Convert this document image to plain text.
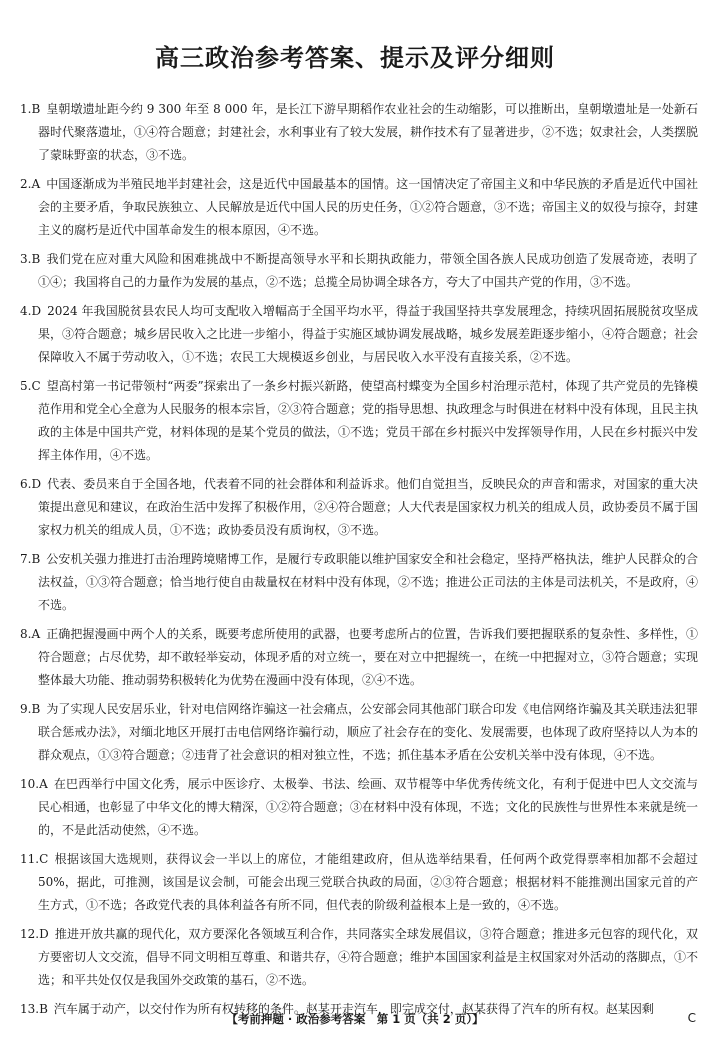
高三政治参考答案、提示及评分细则
1.B 皇朝墩遗址距今约 9 300 年至 8 000 年，是长江下游早期稻作农业社会的生动缩影，可以推断出，皇朝墩遗址是一处新石器时代聚落遗址，①④符合题意；封建社会，水利事业有了较大发展，耕作技术有了显著进步，②不选；奴隶社会，人类摆脱了蒙昧野蛮的状态，③不选。
2.A 中国逐渐成为半殖民地半封建社会，这是近代中国最基本的国情。这一国情决定了帝国主义和中华民族的矛盾是近代中国社会的主要矛盾，争取民族独立、人民解放是近代中国人民的历史任务，①②符合题意，③不选；帝国主义的奴役与掠夺，封建主义的腐朽是近代中国革命发生的根本原因，④不选。
3.B 我们党在应对重大风险和困难挑战中不断提高领导水平和长期执政能力，带领全国各族人民成功创造了发展奇迹，表明了①④；我国将自己的力量作为发展的基点，②不选；总揽全局协调全球各方，夸大了中国共产党的作用，③不选。
4.D 2024 年我国脱贫县农民人均可支配收入增幅高于全国平均水平，得益于我国坚持共享发展理念，持续巩固拓展脱贫攻坚成果，③符合题意；城乡居民收入之比进一步缩小，得益于实施区域协调发展战略，城乡发展差距逐步缩小，④符合题意；社会保障收入不属于劳动收入，①不选；农民工大规模返乡创业，与居民收入水平没有直接关系，②不选。
5.C 望高村第一书记带领村“两委”探索出了一条乡村振兴新路，使望高村蝶变为全国乡村治理示范村，体现了共产党员的先锋模范作用和党全心全意为人民服务的根本宗旨，②③符合题意；党的指导思想、执政理念与时俱进在材料中没有体现，且民主执政的主体是中国共产党，材料体现的是某个党员的做法，①不选；党员干部在乡村振兴中发挥领导作用，人民在乡村振兴中发挥主体作用，④不选。
6.D 代表、委员来自于全国各地，代表着不同的社会群体和利益诉求。他们自觉担当，反映民众的声音和需求，对国家的重大决策提出意见和建议，在政治生活中发挥了积极作用，②④符合题意；人大代表是国家权力机关的组成人员，政协委员不属于国家权力机关的组成人员，①不选；政协委员没有质询权，③不选。
7.B 公安机关强力推进打击治理跨境赌博工作，是履行专政职能以维护国家安全和社会稳定，坚持严格执法，维护人民群众的合法权益，①③符合题意；恰当地行使自由裁量权在材料中没有体现，②不选；推进公正司法的主体是司法机关，不是政府，④不选。
8.A 正确把握漫画中两个人的关系，既要考虑所使用的武器，也要考虑所占的位置，告诉我们要把握联系的复杂性、多样性，①符合题意；占尽优势，却不敢轻举妄动，体现矛盾的对立统一，要在对立中把握统一，在统一中把握对立，③符合题意；实现整体最大功能、推动弱势积极转化为优势在漫画中没有体现，②④不选。
9.B 为了实现人民安居乐业，针对电信网络诈骗这一社会痛点，公安部会同其他部门联合印发《电信网络诈骗及其关联违法犯罪联合惩戒办法》，对缅北地区开展打击电信网络诈骗行动，顺应了社会存在的变化、发展需要，也体现了政府坚持以人为本的群众观点，①③符合题意；②违背了社会意识的相对独立性，不选；抓住基本矛盾在公安机关举中没有体现，④不选。
10.A 在巴西举行中国文化秀，展示中医诊疗、太极拳、书法、绘画、双节棍等中华优秀传统文化，有利于促进中巴人文交流与民心相通，也彰显了中华文化的博大精深，①②符合题意；③在材料中没有体现，不选；文化的民族性与世界性本来就是统一的，不是此活动使然，④不选。
11.C 根据该国大选规则，获得议会一半以上的席位，才能组建政府，但从选举结果看，任何两个政党得票率相加都不会超过 50%，据此，可推测，该国是议会制，可能会出现三党联合执政的局面，②③符合题意；根据材料不能推测出国家元首的产生方式，①不选；各政党代表的具体利益各有所不同，但代表的阶级利益根本上是一致的，④不选。
12.D 推进开放共赢的现代化，双方要深化各领域互利合作，共同落实全球发展倡议，③符合题意；推进多元包容的现代化，双方要密切人文交流，倡导不同文明相互尊重、和谐共存，④符合题意；维护本国国家利益是主权国家对外活动的落脚点，①不选；和平共处仅仅是我国外交政策的基石，②不选。
13.B 汽车属于动产，以交付作为所有权转移的条件。赵某开走汽车，即完成交付，赵某获得了汽车的所有权。赵某因剩
【考前押题 · 政治参考答案　第 1 页（共 2 页）】	C
